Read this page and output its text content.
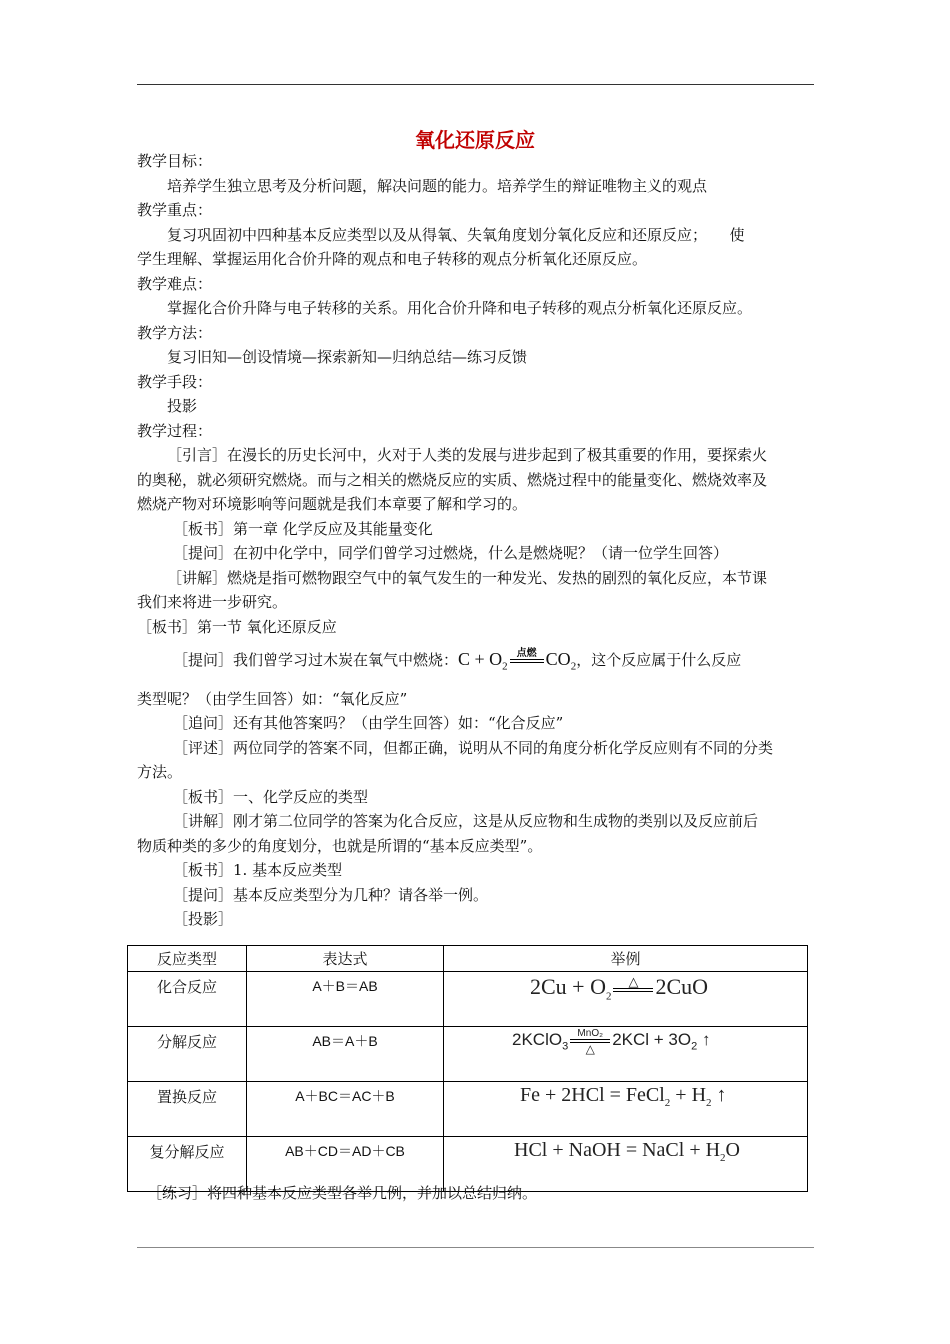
氧化还原反应

教学目标：

培养学生独立思考及分析问题，解决问题的能力。培养学生的辩证唯物主义的观点

教学重点：

复习巩固初中四种基本反应类型以及从得氧、失氧角度划分氧化反应和还原反应；　　使

学生理解、掌握运用化合价升降的观点和电子转移的观点分析氧化还原反应。

教学难点：

掌握化合价升降与电子转移的关系。用化合价升降和电子转移的观点分析氧化还原反应。

教学方法：

复习旧知—创设情境—探索新知—归纳总结—练习反馈

教学手段：

投影

教学过程：

［引言］在漫长的历史长河中，火对于人类的发展与进步起到了极其重要的作用，要探索火

的奥秘，就必须研究燃烧。而与之相关的燃烧反应的实质、燃烧过程中的能量变化、燃烧效率及

燃烧产物对环境影响等问题就是我们本章要了解和学习的。

［板书］第一章 化学反应及其能量变化

［提问］在初中化学中，同学们曾学习过燃烧，什么是燃烧呢？（请一位学生回答）

［讲解］燃烧是指可燃物跟空气中的氧气发生的一种发光、发热的剧烈的氧化反应，本节课

我们来将进一步研究。

［板书］第一节 氧化还原反应

［提问］我们曾学习过木炭在氧气中燃烧：$C + O_2$
点燃 $CO_2$，这个反应属于什么反应

类型呢？（由学生回答）如：“氧化反应”

［追问］还有其他答案吗？（由学生回答）如：“化合反应”

［评述］两位同学的答案不同，但都正确，说明从不同的角度分析化学反应则有不同的分类

方法。

［板书］一、化学反应的类型

［讲解］刚才第二位同学的答案为化合反应，这是从反应物和生成物的类别以及反应前后

物质种类的多少的角度划分，也就是所谓的“基本反应类型”。

［板书］1. 基本反应类型

［提问］基本反应类型分为几种？请各举一例。

［投影］

反应类型	表达式	举例
化合反应	A＋B＝AB	$2Cu + O_2$
△ 2CuO
分解反应	AB＝A＋B	2KClO$_3$
MnO₂
△ $2KCl + 3O_2$ ↑
置换反应	A＋BC＝AC＋B	Fe + 2HCl = FeCl$_2$ + $H_2$ ↑
复分解反应	AB＋CD＝AD＋CB	HCl + NaOH = NaCl + $H_2O$

［练习］将四种基本反应类型各举几例，并加以总结归纳。
